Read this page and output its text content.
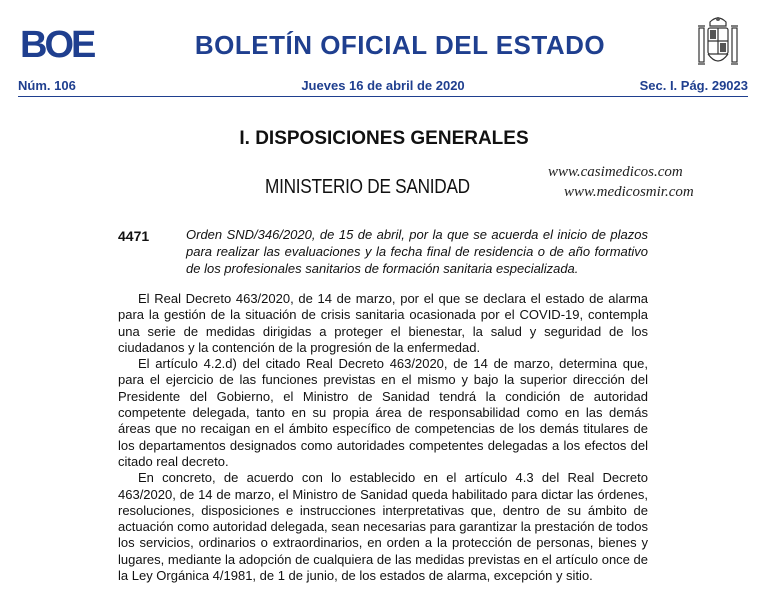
BOE	BOLETÍN OFICIAL DEL ESTADO
Jueves 16 de abril de 2020
Núm. 106	Sec. I. Pág. 29023
I. DISPOSICIONES GENERALES
MINISTERIO DE SANIDAD
www.casimedicos.com
www.medicosmir.com
4471	Orden SND/346/2020, de 15 de abril, por la que se acuerda el inicio de plazos para realizar las evaluaciones y la fecha final de residencia o de año formativo de los profesionales sanitarios de formación sanitaria especializada.

El Real Decreto 463/2020, de 14 de marzo, por el que se declara el estado de alarma para la gestión de la situación de crisis sanitaria ocasionada por el COVID-19, contempla una serie de medidas dirigidas a proteger el bienestar, la salud y seguridad de los ciudadanos y la contención de la progresión de la enfermedad.

El artículo 4.2.d) del citado Real Decreto 463/2020, de 14 de marzo, determina que, para el ejercicio de las funciones previstas en el mismo y bajo la superior dirección del Presidente del Gobierno, el Ministro de Sanidad tendrá la condición de autoridad competente delegada, tanto en su propia área de responsabilidad como en las demás áreas que no recaigan en el ámbito específico de competencias de los demás titulares de los departamentos designados como autoridades competentes delegadas a los efectos del citado real decreto.

En concreto, de acuerdo con lo establecido en el artículo 4.3 del Real Decreto 463/2020, de 14 de marzo, el Ministro de Sanidad queda habilitado para dictar las órdenes, resoluciones, disposiciones e instrucciones interpretativas que, dentro de su ámbito de actuación como autoridad delegada, sean necesarias para garantizar la prestación de todos los servicios, ordinarios o extraordinarios, en orden a la protección de personas, bienes y lugares, mediante la adopción de cualquiera de las medidas previstas en el artículo once de la Ley Orgánica 4/1981, de 1 de junio, de los estados de alarma, excepción y sitio.
